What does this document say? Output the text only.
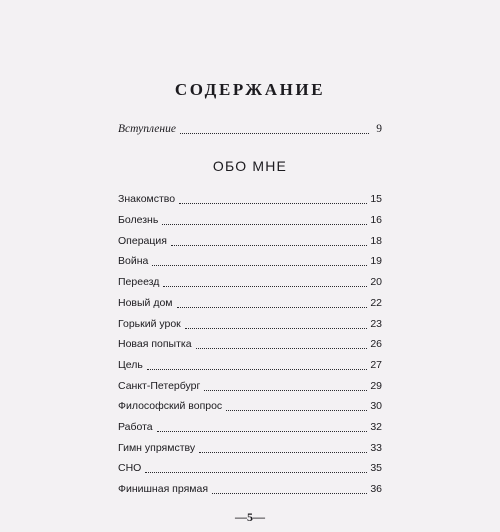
СОДЕРЖАНИЕ
Вступление	9
ОБО МНЕ
Знакомство	15
Болезнь	16
Операция	18
Война	19
Переезд	20
Новый дом	22
Горький урок	23
Новая попытка	26
Цель	27
Санкт-Петербург	29
Философский вопрос	30
Работа	32
Гимн упрямству	33
СНО	35
Финишная прямая	36
—5—
